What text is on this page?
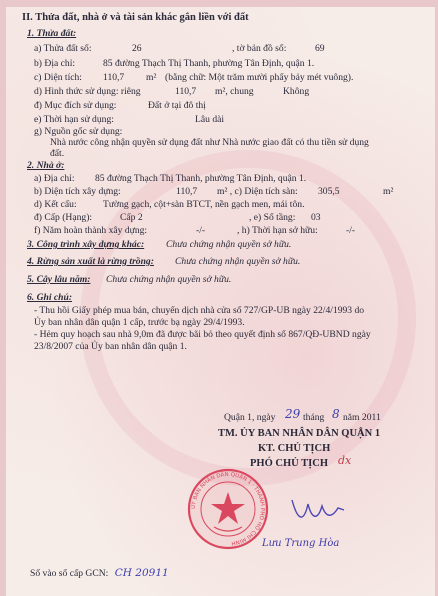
II. Thửa đất, nhà ở và tài sản khác gắn liền với đất
1. Thửa đất:
a) Thửa đất số:	26	, tờ bản đồ số:	69
b) Địa chỉ:	85 đường Thạch Thị Thanh, phường Tân Định, quận 1.
c) Diện tích: 110,7 m² (bằng chữ: Một trăm mười phẩy bảy mét vuông).
d) Hình thức sử dụng: riêng	110,7 m², chung	Không
đ) Mục đích sử dụng:	Đất ở tại đô thị
e) Thời hạn sử dụng:	Lâu dài
g) Nguồn gốc sử dụng:
Nhà nước công nhận quyền sử dụng đất như Nhà nước giao đất có thu tiền sử dụng
đất.
2. Nhà ở:
a) Địa chỉ: 85 đường Thạch Thị Thanh, phường Tân Định, quận 1.
b) Diện tích xây dựng:	110,7 m² , c) Diện tích sàn: 305,5	m²
d) Kết cấu:	Tường gạch, cột+sàn BTCT, nền gạch men, mái tôn.
đ) Cấp (Hạng):	Cấp 2	, e) Số tầng: 03
f) Năm hoàn thành xây dựng:	-/-	, h) Thời hạn sở hữu:	-/-
3. Công trình xây dựng khác: Chưa chứng nhận quyền sở hữu.
4. Rừng sản xuất là rừng trồng: Chưa chứng nhận quyền sở hữu.
5. Cây lâu năm: Chưa chứng nhận quyền sở hữu.
6. Ghi chú:
- Thu hồi Giấy phép mua bán, chuyển dịch nhà cửa số 727/GP-UB ngày 22/4/1993 do
Ủy ban nhân dân quận 1 cấp, trước bạ ngày 29/4/1993.
- Hẻm quy hoạch sau nhà 9,0m đã được bãi bỏ theo quyết định số 867/QĐ-UBND ngày
23/8/2007 của Ủy ban nhân dân quận 1.
Quận 1, ngày 29 tháng 8 năm 2011
TM. ỦY BAN NHÂN DÂN QUẬN 1
KT. CHỦ TỊCH
PHÓ CHỦ TỊCH dx
ỦY BAN NHÂN DÂN QUẬN 1 · THÀNH PHỐ HỒ CHÍ MINH	Lưu Trung Hòa
Số vào sổ cấp GCN: CH 20911
